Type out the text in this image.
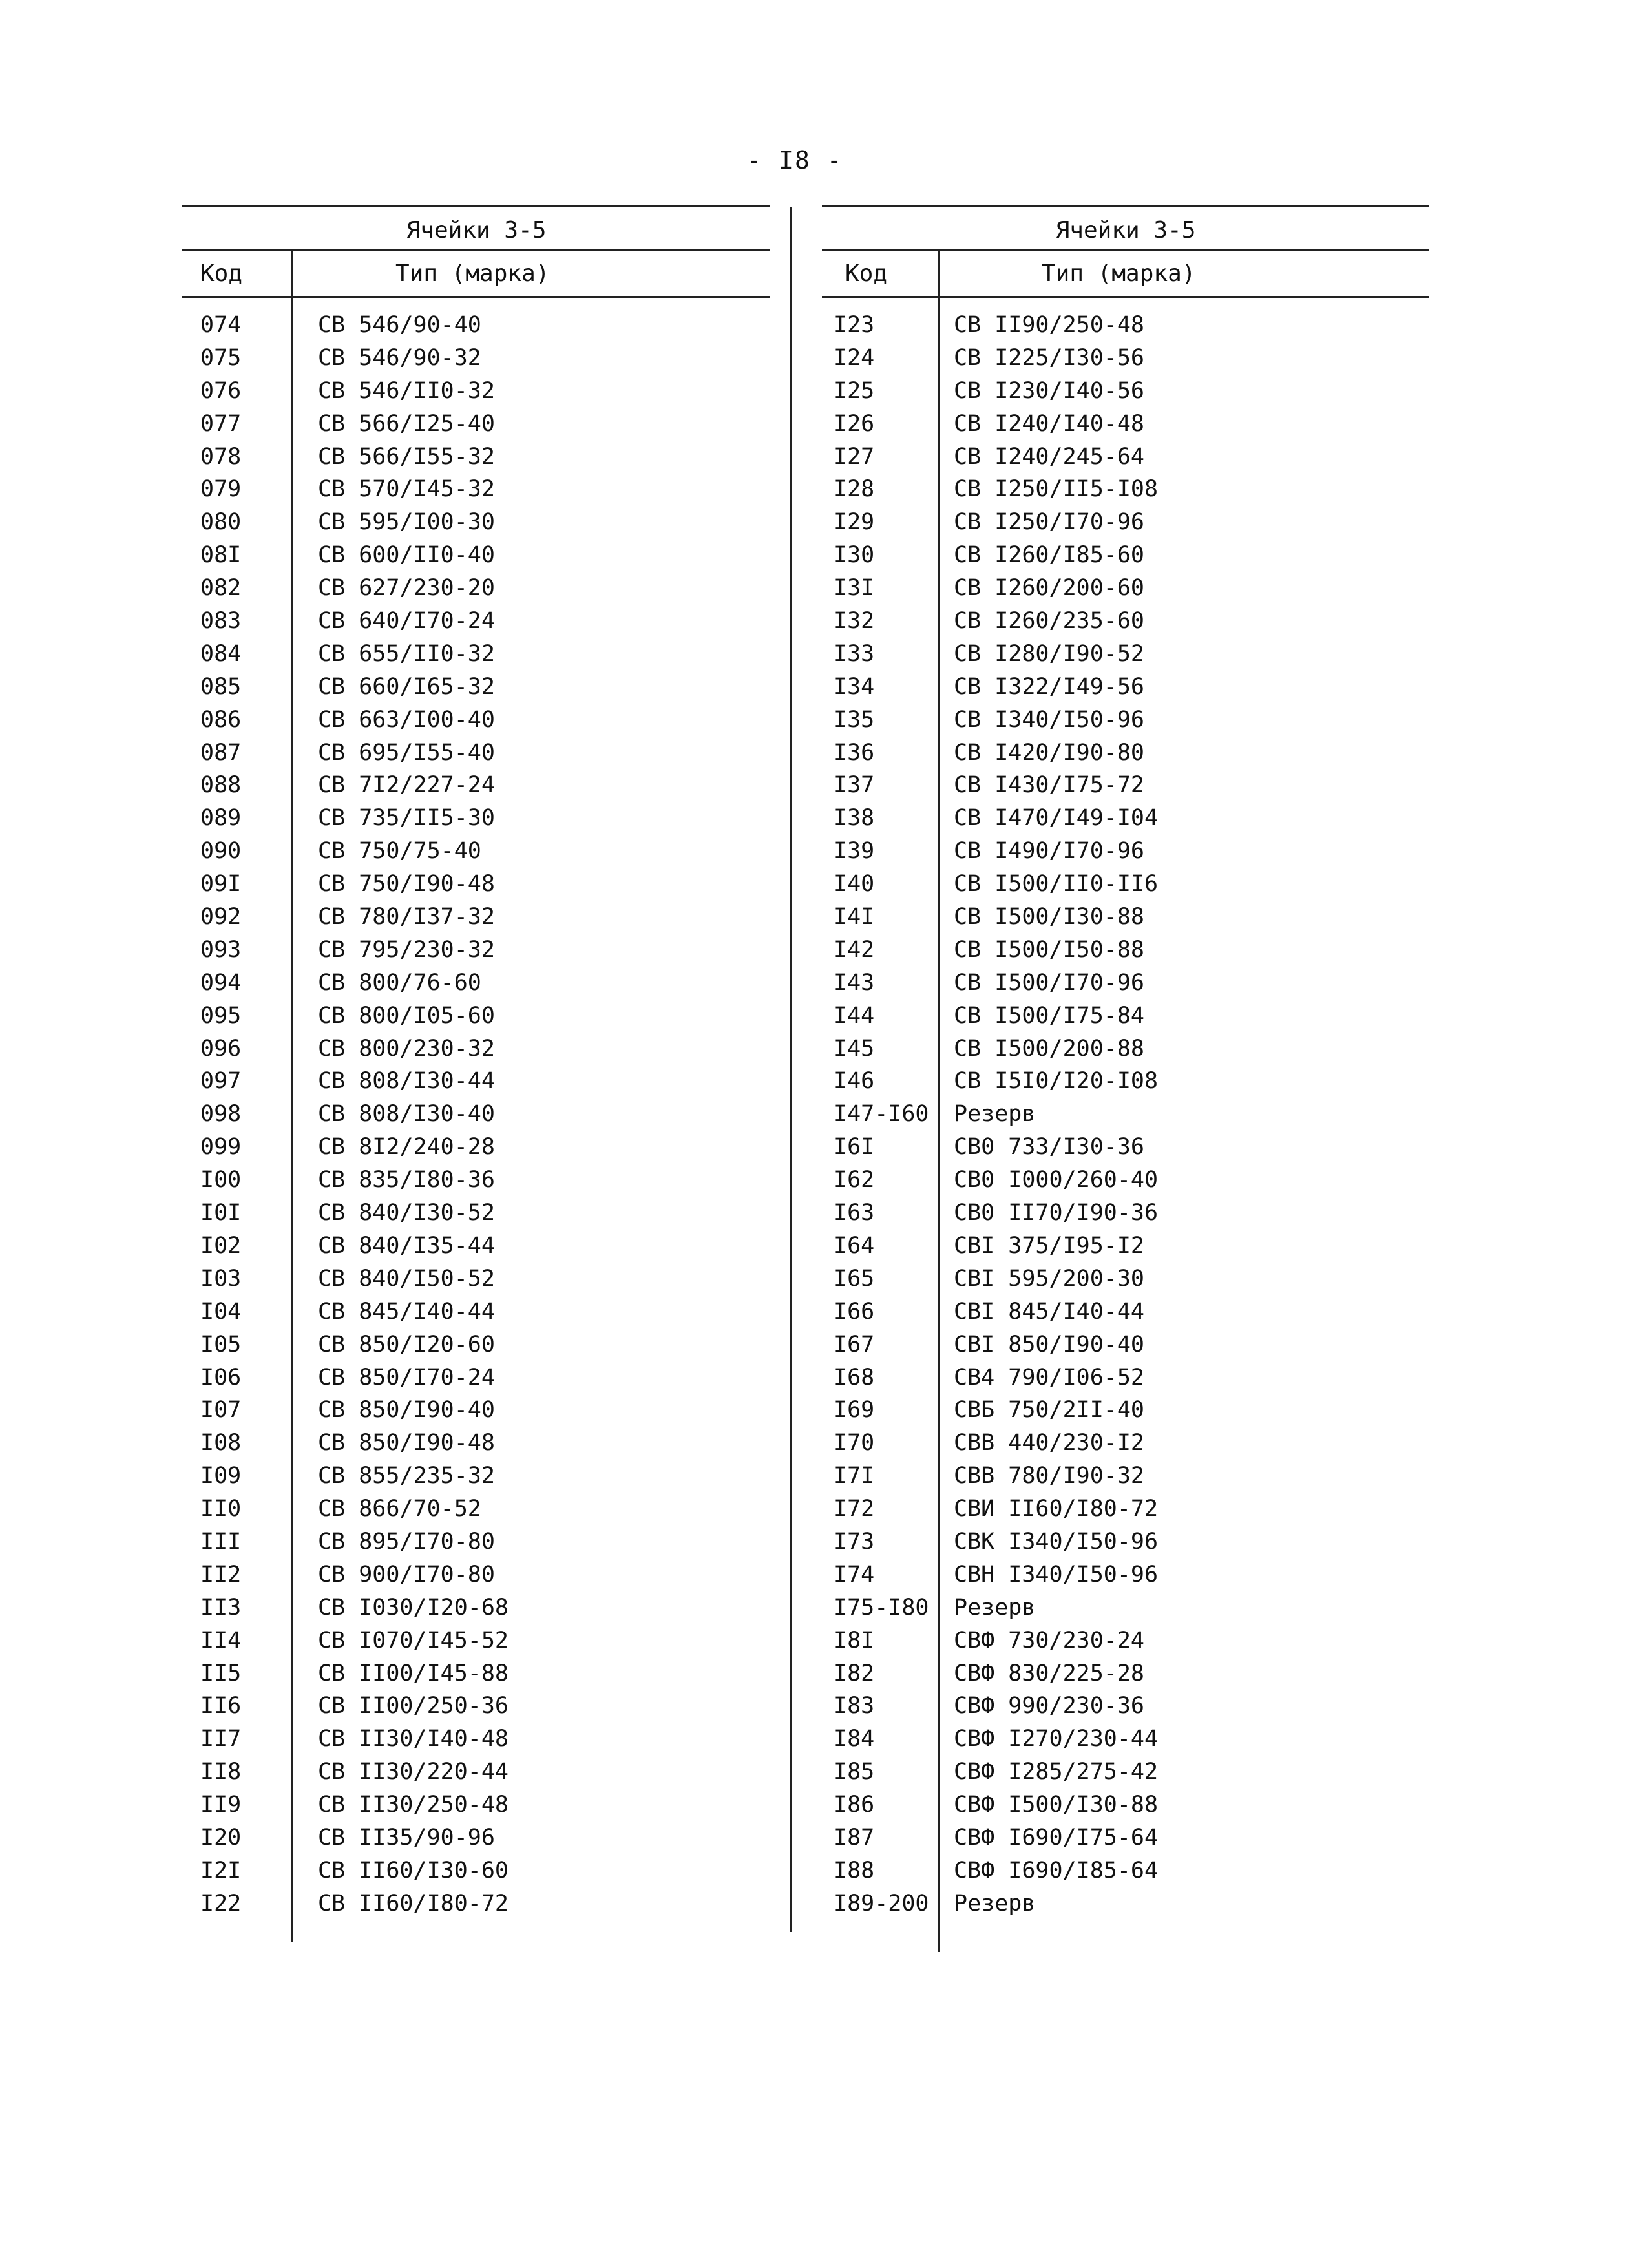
- I8 -
Ячейки 3-5
Код	Тип (марка)
074	СВ 546/90-40
075	СВ 546/90-32
076	СВ 546/II0-32
077	СВ 566/I25-40
078	СВ 566/I55-32
079	СВ 570/I45-32
080	СВ 595/I00-30
08I	СВ 600/II0-40
082	СВ 627/230-20
083	СВ 640/I70-24
084	СВ 655/II0-32
085	СВ 660/I65-32
086	СВ 663/I00-40
087	СВ 695/I55-40
088	СВ 7I2/227-24
089	СВ 735/II5-30
090	СВ 750/75-40
09I	СВ 750/I90-48
092	СВ 780/I37-32
093	СВ 795/230-32
094	СВ 800/76-60
095	СВ 800/I05-60
096	СВ 800/230-32
097	СВ 808/I30-44
098	СВ 808/I30-40
099	СВ 8I2/240-28
I00	СВ 835/I80-36
I0I	СВ 840/I30-52
I02	СВ 840/I35-44
I03	СВ 840/I50-52
I04	СВ 845/I40-44
I05	СВ 850/I20-60
I06	СВ 850/I70-24
I07	СВ 850/I90-40
I08	СВ 850/I90-48
I09	СВ 855/235-32
II0	СВ 866/70-52
III	СВ 895/I70-80
II2	СВ 900/I70-80
II3	СВ I030/I20-68
II4	СВ I070/I45-52
II5	СВ II00/I45-88
II6	СВ II00/250-36
II7	СВ II30/I40-48
II8	СВ II30/220-44
II9	СВ II30/250-48
I20	СВ II35/90-96
I2I	СВ II60/I30-60
I22	СВ II60/I80-72
Ячейки 3-5
Код	Тип (марка)
I23	СВ II90/250-48
I24	СВ I225/I30-56
I25	СВ I230/I40-56
I26	СВ I240/I40-48
I27	СВ I240/245-64
I28	СВ I250/II5-I08
I29	СВ I250/I70-96
I30	СВ I260/I85-60
I3I	СВ I260/200-60
I32	СВ I260/235-60
I33	СВ I280/I90-52
I34	СВ I322/I49-56
I35	СВ I340/I50-96
I36	СВ I420/I90-80
I37	СВ I430/I75-72
I38	СВ I470/I49-I04
I39	СВ I490/I70-96
I40	СВ I500/II0-II6
I4I	СВ I500/I30-88
I42	СВ I500/I50-88
I43	СВ I500/I70-96
I44	СВ I500/I75-84
I45	СВ I500/200-88
I46	СВ I5I0/I20-I08
I47-I60	Резерв
I6I	СВ0 733/I30-36
I62	СВ0 I000/260-40
I63	СВ0 II70/I90-36
I64	СВI 375/I95-I2
I65	СВI 595/200-30
I66	СВI 845/I40-44
I67	СВI 850/I90-40
I68	СВ4 790/I06-52
I69	СВБ 750/2II-40
I70	СВВ 440/230-I2
I7I	СВВ 780/I90-32
I72	СВИ II60/I80-72
I73	СВК I340/I50-96
I74	СВН I340/I50-96
I75-I80	Резерв
I8I	СВФ 730/230-24
I82	СВФ 830/225-28
I83	СВФ 990/230-36
I84	СВФ I270/230-44
I85	СВФ I285/275-42
I86	СВФ I500/I30-88
I87	СВФ I690/I75-64
I88	СВФ I690/I85-64
I89-200	Резерв
